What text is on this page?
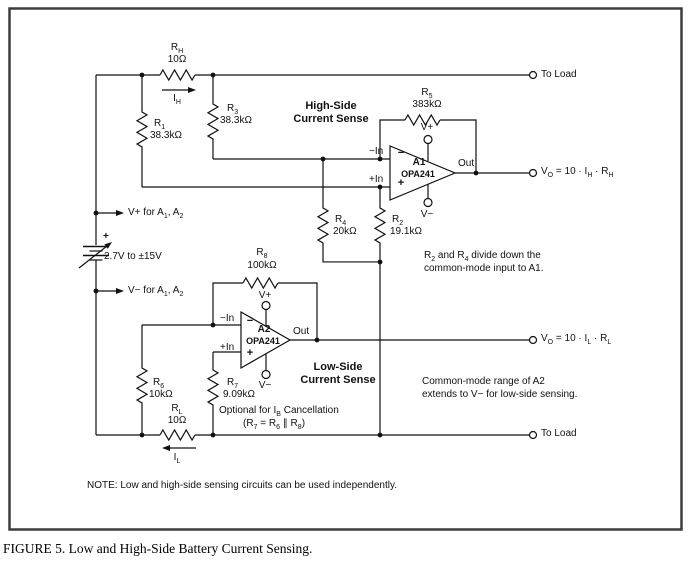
$R_H$
10Ω
$I_H$
$R_1$
38.3kΩ
$R_3$
38.3kΩ
High-Side
Current Sense
$R_5$
383kΩ
V+
V−
−In
+In
−
+
A1
OPA241
Out
To Load
$V_O = 10 \cdot I_H \cdot R_H$
$R_4$
20kΩ
$R_2$
19.1kΩ
$R_2$ and $R_4$ divide down the
common-mode input to A1.
V+ for $A_1$, $A_2$
+
2.7V to ±15V
V− for $A_1$, $A_2$
$R_8$
100kΩ
V+
V−
−In
+In
−
+
A2
OPA241
Out
Low-Side
Current Sense
$V_O = 10 \cdot I_L \cdot R_L$
Common-mode range of A2
extends to V− for low-side sensing.
$R_6$
10kΩ
$R_7$
9.09kΩ
Optional for $I_B$ Cancellation
($R_7 = R_6$ ∥ $R_8$)
$R_L$
10Ω
$I_L$
To Load
NOTE: Low and high-side sensing circuits can be used independently.
FIGURE 5. Low and High-Side Battery Current Sensing.
